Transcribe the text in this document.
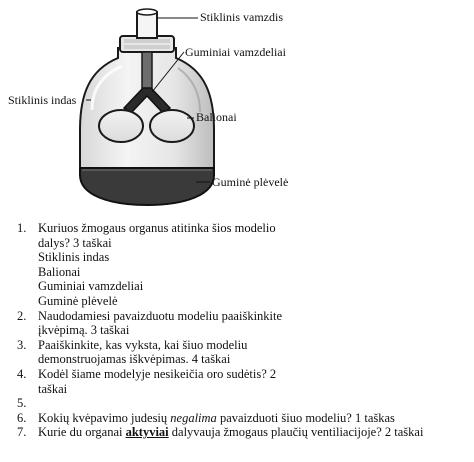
Stiklinis vamzdis
Guminiai vamzdeliai
Stiklinis indas
Balionai
Guminė plėvelė
1. Kuriuos žmogaus organus atitinka šios modelio
dalys? 3 taškai
Stiklinis indas
Balionai
Guminiai vamzdeliai
Guminė plėvelė
2. Naudodamiesi pavaizduotu modeliu paaiškinkite
įkvėpimą. 3 taškai
3. Paaiškinkite, kas vyksta, kai šiuo modeliu
demonstruojamas iškvėpimas. 4 taškai
4. Kodėl šiame modelyje nesikeičia oro sudėtis? 2
taškai
5.

6. Kokių kvėpavimo judesių negalima pavaizduoti šiuo modeliu? 1 taškas
7. Kurie du organai aktyviai dalyvauja žmogaus plaučių ventiliacijoje? 2 taškai
